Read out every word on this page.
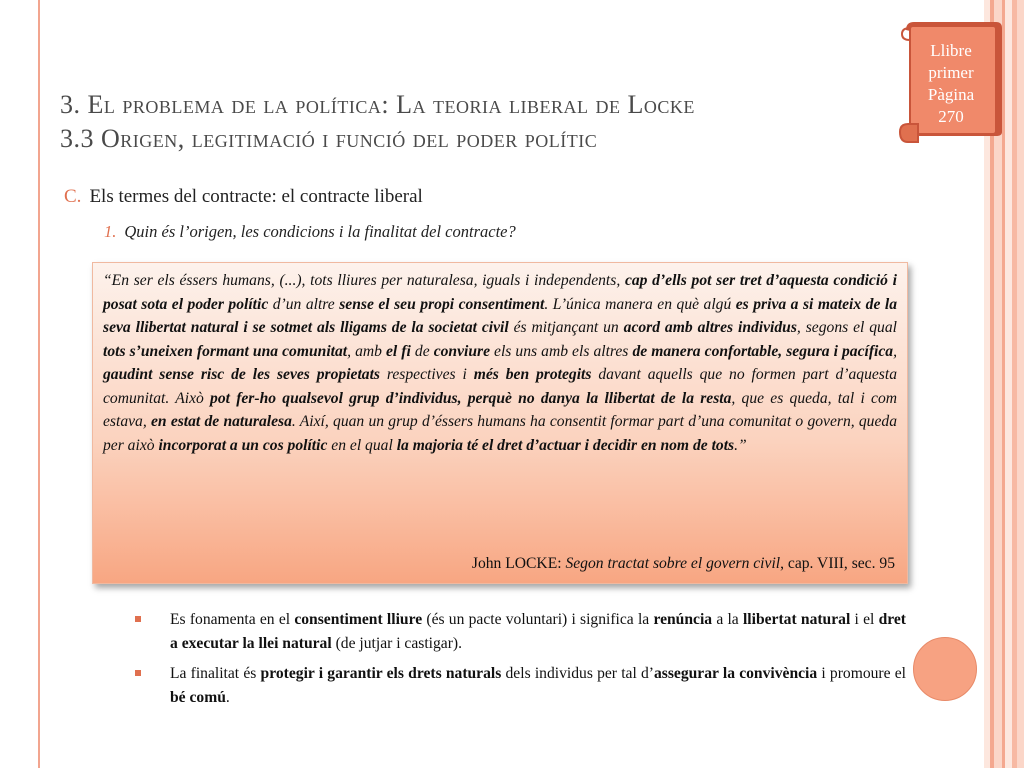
Llibre
primer
Pàgina
270
3. El problema de la política: La teoria liberal de Locke
3.3 Origen, legitimació i funció del poder polític
C. Els termes del contracte: el contracte liberal
1. Quin és l’origen, les condicions i la finalitat del contracte?

“En ser els éssers humans, (...), tots lliures per naturalesa, iguals i independents, cap d’ells pot ser tret d’aquesta condició i posat sota el poder polític d’un altre sense el seu propi consentiment. L’única manera en què algú es priva a si mateix de la seva llibertat natural i se sotmet als lligams de la societat civil és mitjançant un acord amb altres individus, segons el qual tots s’uneixen formant una comunitat, amb el fi de conviure els uns amb els altres de manera confortable, segura i pacífica, gaudint sense risc de les seves propietats respectives i més ben protegits davant aquells que no formen part d’aquesta comunitat. Això pot fer-ho qualsevol grup d’individus, perquè no danya la llibertat de la resta, que es queda, tal i com estava, en estat de naturalesa. Així, quan un grup d’éssers humans ha consentit formar part d’una comunitat o govern, queda per això incorporat a un cos polític en el qual la majoria té el dret d’actuar i decidir en nom de tots.”

John LOCKE: Segon tractat sobre el govern civil, cap. VIII, sec. 95
Es fonamenta en el consentiment lliure (és un pacte voluntari) i significa la renúncia a la llibertat natural i el dret a executar la llei natural (de jutjar i castigar).
La finalitat és protegir i garantir els drets naturals dels individus per tal d’assegurar la convivència i promoure el bé comú.
